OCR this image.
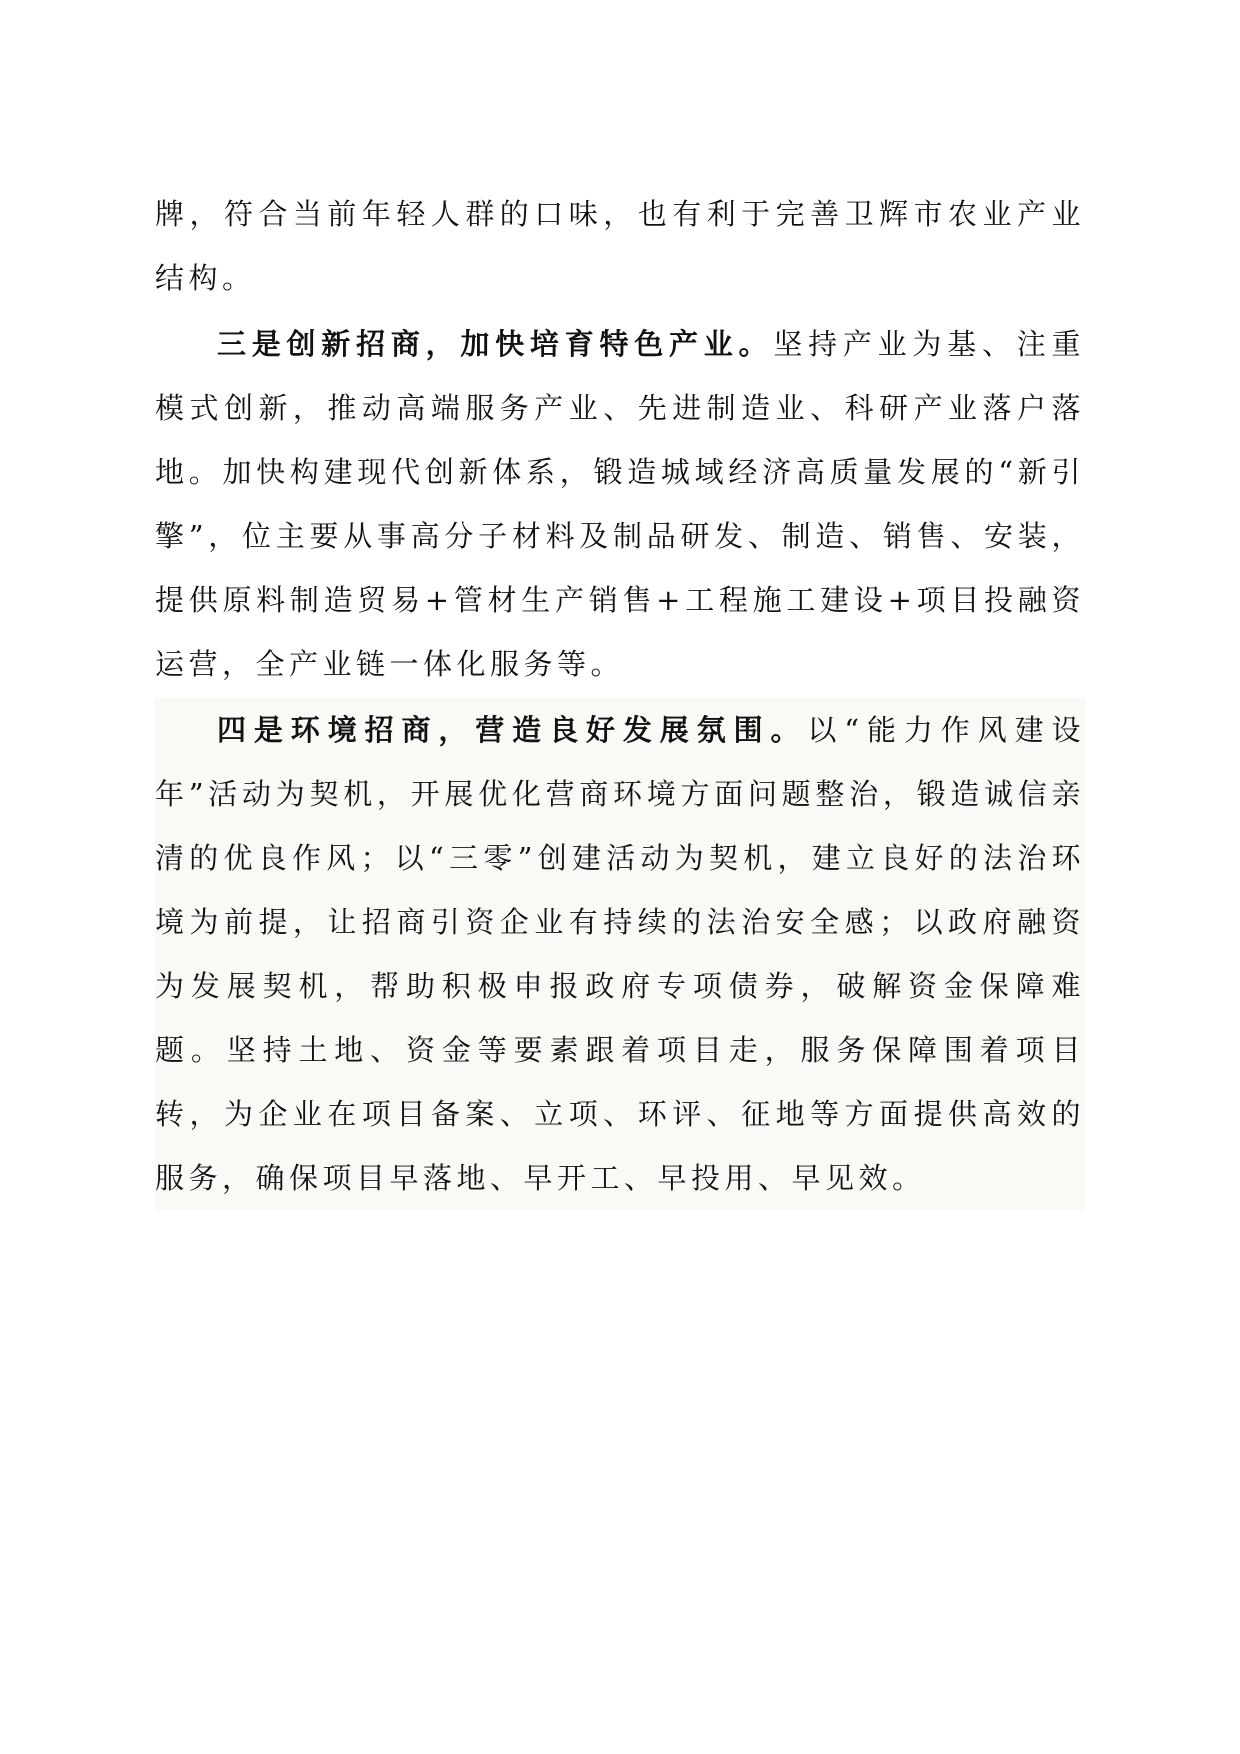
牌，符合当前年轻人群的口味，也有利于完善卫辉市农业产业结构。

三是创新招商，加快培育特色产业。坚持产业为基、注重模式创新，推动高端服务产业、先进制造业、科研产业落户落地。加快构建现代创新体系，锻造城域经济高质量发展的“新引擎”，位主要从事高分子材料及制品研发、制造、销售、安装，提供原料制造贸易+管材生产销售+工程施工建设+项目投融资运营，全产业链一体化服务等。

四是环境招商，营造良好发展氛围。以“能力作风建设年”活动为契机，开展优化营商环境方面问题整治，锻造诚信亲清的优良作风；以“三零”创建活动为契机，建立良好的法治环境为前提，让招商引资企业有持续的法治安全感；以政府融资为发展契机，帮助积极申报政府专项债券，破解资金保障难题。坚持土地、资金等要素跟着项目走，服务保障围着项目转，为企业在项目备案、立项、环评、征地等方面提供高效的服务，确保项目早落地、早开工、早投用、早见效。
